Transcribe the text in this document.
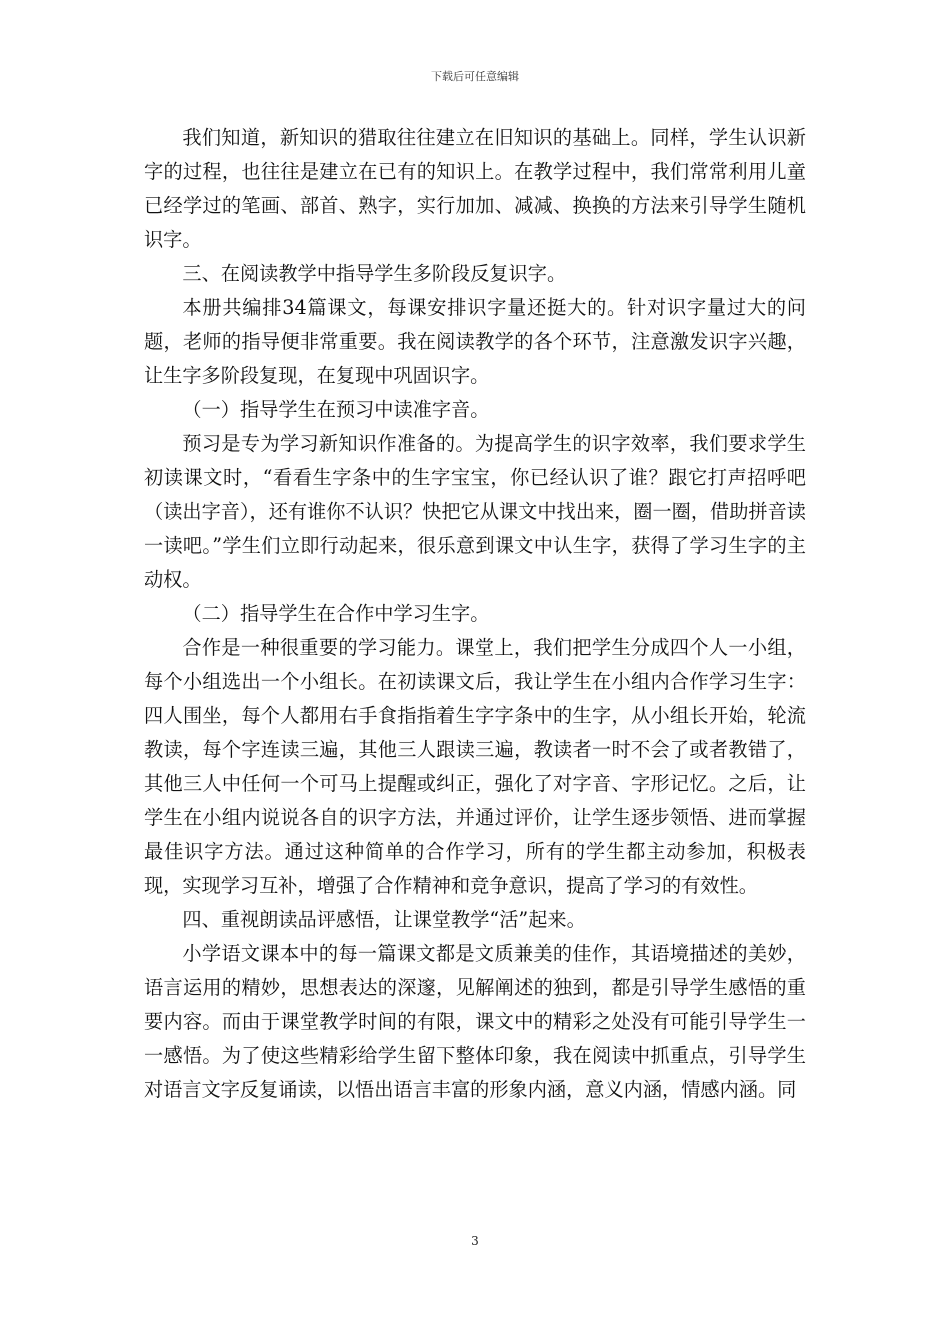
下载后可任意编辑

我们知道，新知识的猎取往往建立在旧知识的基础上。同样，学生认识新字的过程，也往往是建立在已有的知识上。在教学过程中，我们常常利用儿童已经学过的笔画、部首、熟字，实行加加、减减、换换的方法来引导学生随机识字。

三、在阅读教学中指导学生多阶段反复识字。

本册共编排34篇课文，每课安排识字量还挺大的。针对识字量过大的问题，老师的指导便非常重要。我在阅读教学的各个环节，注意激发识字兴趣，让生字多阶段复现，在复现中巩固识字。

（一）指导学生在预习中读准字音。

预习是专为学习新知识作准备的。为提高学生的识字效率，我们要求学生初读课文时，“看看生字条中的生字宝宝，你已经认识了谁？跟它打声招呼吧（读出字音），还有谁你不认识？快把它从课文中找出来，圈一圈，借助拼音读一读吧。”学生们立即行动起来，很乐意到课文中认生字，获得了学习生字的主动权。

（二）指导学生在合作中学习生字。

合作是一种很重要的学习能力。课堂上，我们把学生分成四个人一小组，每个小组选出一个小组长。在初读课文后，我让学生在小组内合作学习生字：四人围坐，每个人都用右手食指指着生字字条中的生字，从小组长开始，轮流教读，每个字连读三遍，其他三人跟读三遍，教读者一时不会了或者教错了，其他三人中任何一个可马上提醒或纠正，强化了对字音、字形记忆。之后，让学生在小组内说说各自的识字方法，并通过评价，让学生逐步领悟、进而掌握最佳识字方法。通过这种简单的合作学习，所有的学生都主动参加，积极表现，实现学习互补，增强了合作精神和竞争意识，提高了学习的有效性。

四、重视朗读品评感悟，让课堂教学“活”起来。

小学语文课本中的每一篇课文都是文质兼美的佳作，其语境描述的美妙，语言运用的精妙，思想表达的深邃，见解阐述的独到，都是引导学生感悟的重要内容。而由于课堂教学时间的有限，课文中的精彩之处没有可能引导学生一一感悟。为了使这些精彩给学生留下整体印象，我在阅读中抓重点，引导学生对语言文字反复诵读，以悟出语言丰富的形象内涵，意义内涵，情感内涵。同

3
